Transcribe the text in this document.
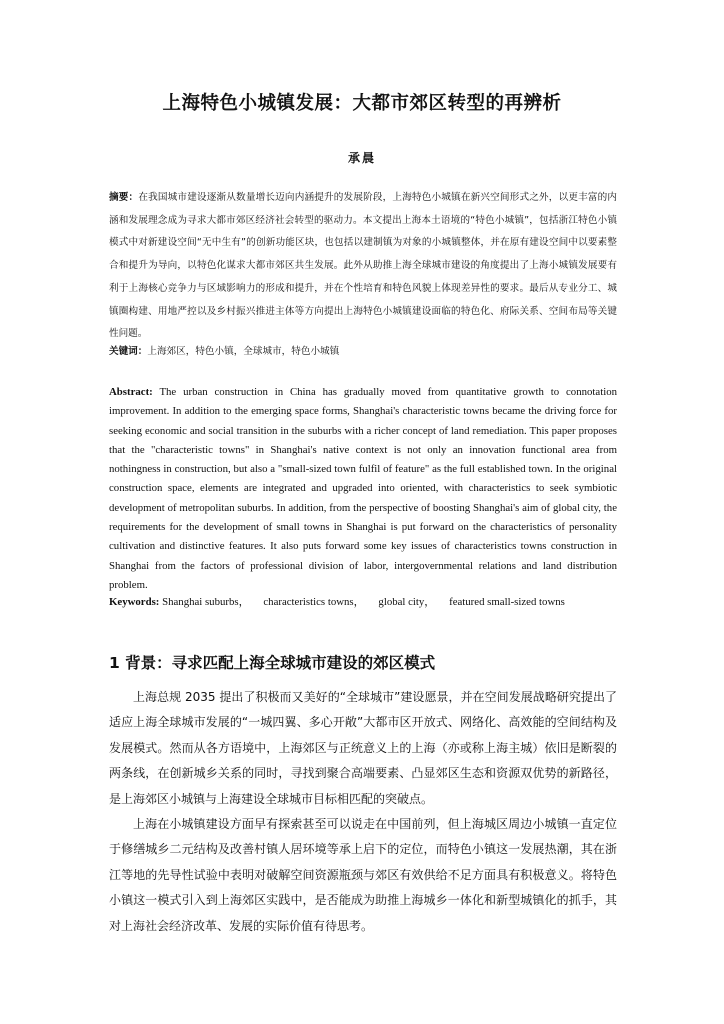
上海特色小城镇发展：大都市郊区转型的再辨析
承晨
摘要：在我国城市建设逐渐从数量增长迈向内涵提升的发展阶段，上海特色小城镇在新兴空间形式之外，以更丰富的内涵和发展理念成为寻求大都市郊区经济社会转型的驱动力。本文提出上海本土语境的“特色小城镇”，包括浙江特色小镇模式中对新建设空间“无中生有”的创新功能区块，也包括以建制镇为对象的小城镇整体，并在原有建设空间中以要素整合和提升为导向，以特色化谋求大都市郊区共生发展。此外从助推上海全球城市建设的角度提出了上海小城镇发展要有利于上海核心竞争力与区域影响力的形成和提升，并在个性培育和特色风貌上体现差异性的要求。最后从专业分工、城镇圈构建、用地严控以及乡村振兴推进主体等方向提出上海特色小城镇建设面临的特色化、府际关系、空间布局等关键性问题。
关键词：上海郊区，特色小镇，全球城市，特色小城镇
Abstract: The urban construction in China has gradually moved from quantitative growth to connotation improvement. In addition to the emerging space forms, Shanghai's characteristic towns became the driving force for seeking economic and social transition in the suburbs with a richer concept of land remediation. This paper proposes that the "characteristic towns" in Shanghai's native context is not only an innovation functional area from nothingness in construction, but also a "small-sized town fulfil of feature" as the full established town. In the original construction space, elements are integrated and upgraded into oriented, with characteristics to seek symbiotic development of metropolitan suburbs. In addition, from the perspective of boosting Shanghai's aim of global city, the requirements for the development of small towns in Shanghai is put forward on the characteristics of personality cultivation and distinctive features. It also puts forward some key issues of characteristics towns construction in Shanghai from the factors of professional division of labor, intergovernmental relations and land distribution problem.
Keywords: Shanghai suburbs， characteristics towns， global city， featured small-sized towns
1 背景：寻求匹配上海全球城市建设的郊区模式

上海总规 2035 提出了积极而又美好的“全球城市”建设愿景，并在空间发展战略研究提出了适应上海全球城市发展的“一城四翼、多心开敞”大都市区开放式、网络化、高效能的空间结构及发展模式。然而从各方语境中，上海郊区与正统意义上的上海（亦或称上海主城）依旧是断裂的两条线，在创新城乡关系的同时，寻找到聚合高端要素、凸显郊区生态和资源双优势的新路径，是上海郊区小城镇与上海建设全球城市目标相匹配的突破点。

上海在小城镇建设方面早有探索甚至可以说走在中国前列，但上海城区周边小城镇一直定位于修缮城乡二元结构及改善村镇人居环境等承上启下的定位，而特色小镇这一发展热潮，其在浙江等地的先导性试验中表明对破解空间资源瓶颈与郊区有效供给不足方面具有积极意义。将特色小镇这一模式引入到上海郊区实践中，是否能成为助推上海城乡一体化和新型城镇化的抓手，其对上海社会经济改革、发展的实际价值有待思考。
